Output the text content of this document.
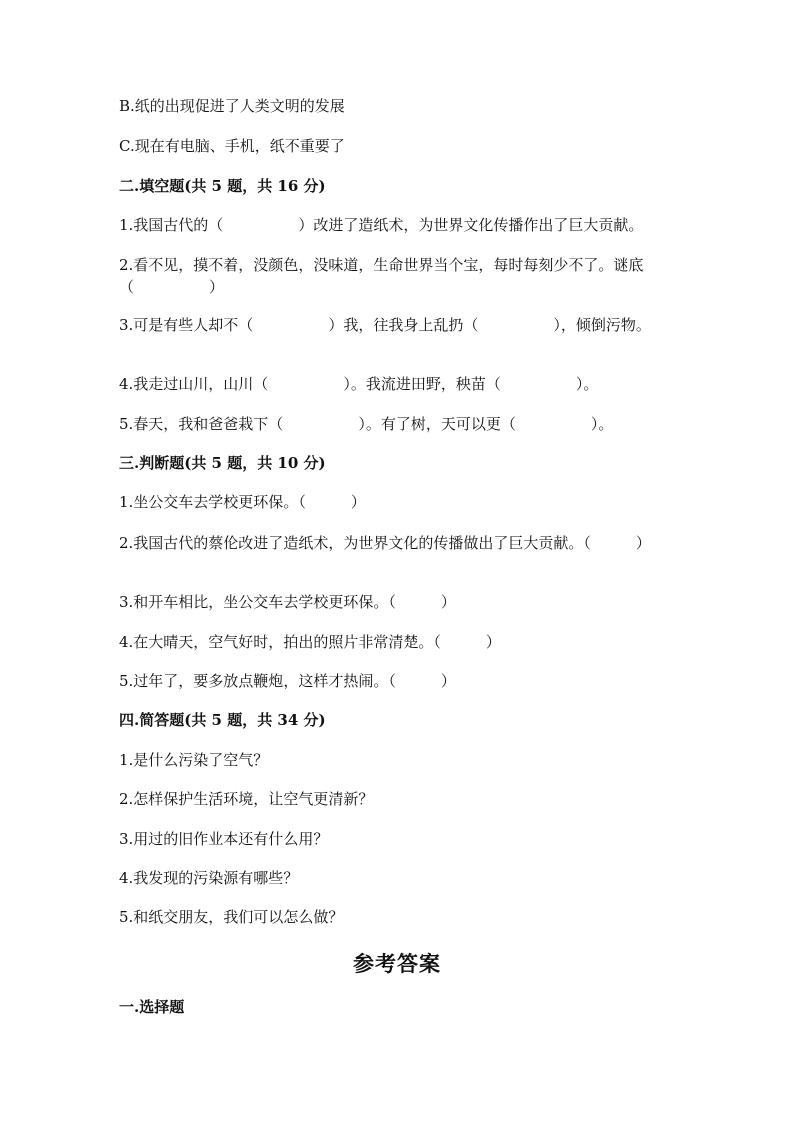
B.纸的出现促进了人类文明的发展
C.现在有电脑、手机，纸不重要了
二.填空题(共 5 题，共 16 分)
1.我国古代的（　　　　　）改进了造纸术，为世界文化传播作出了巨大贡献。
2.看不见，摸不着，没颜色，没味道，生命世界当个宝，每时每刻少不了。谜底（　　　　　）
3.可是有些人却不（　　　　　）我，往我身上乱扔（　　　　　），倾倒污物。
4.我走过山川，山川（　　　　　）。我流进田野，秧苗（　　　　　）。
5.春天，我和爸爸栽下（　　　　　）。有了树，天可以更（　　　　　）。
三.判断题(共 5 题，共 10 分)
1.坐公交车去学校更环保。（　　　）
2.我国古代的蔡伦改进了造纸术，为世界文化的传播做出了巨大贡献。（　　　）
3.和开车相比，坐公交车去学校更环保。（　　　）
4.在大晴天，空气好时，拍出的照片非常清楚。（　　　）
5.过年了，要多放点鞭炮，这样才热闹。（　　　）
四.简答题(共 5 题，共 34 分)
1.是什么污染了空气？
2.怎样保护生活环境，让空气更清新？
3.用过的旧作业本还有什么用？
4.我发现的污染源有哪些？
5.和纸交朋友，我们可以怎么做？
参考答案
一.选择题
